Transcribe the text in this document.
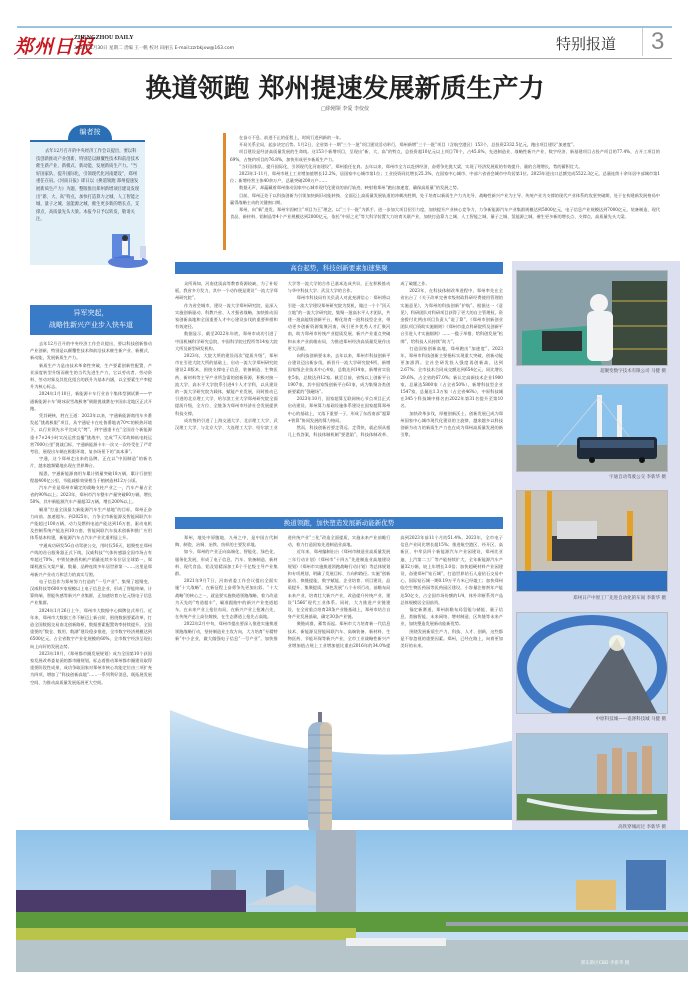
郑州日报
ZHENGZHOU DAILY
2024年1月30日 星期二 责编 王一帆 校对 田丽玉 E-mail:zzrbkjxw@163.com	特别报道	3
换道领跑 郑州提速发展新质生产力
□徐刚领 李爱 李佼佼
编者按
去年12月召开的中央经济工作会议提出，要以科技创新推动产业创新，特别是以颠覆性技术和前沿技术催生新产业、新模式、新动能，发展新质生产力。“当好国家队、提升国际化，引领现代化河南建设”，郑州重任在肩。《河南日报》即日以《换道领跑 郑州提速发展新质生产力》为题，整版推出郑州新增项目建设发现出“新、大、高”特点，加快打造算力之城、人工智能之城、量子之城、氢能源之城，催生更多新的增长点、支撑点、高质量先头大梁。本报今日予以转发，敬请关注。

在奋斗不息、前进不止的征程上，时间行进到新的一年。

开局关系全局，起步决定后势。1月2日，全省第十一期“三个一批”项目建设活动举行，郑州新增“三个一批”项目（含航空港区）153个，总投资2332.5亿元，跑出项目建设“加速度”。

项目建设是经济高质量发展的生命线。这153个新增项目，呈现出“新、大、高”的特点，总投资超10亿元以上项目70个，占45.8%，先进制造业、战略性新兴产业、数字经济、新基建项目占投产项目的77.4%，占开工项目的69%，占签约项目的76.8%，加快形成更多新质生产力。

“当好国家队、提升国际化，引领现代化河南建设”，郑州重任在肩。去年以来，郑州市全力以赴拼经济，奋勇争先挑大梁，实现了经济发展质的有效提升、量的合理增长，势的蓄积壮大。

2023年1-11月，郑州市规上工业增加值增长12.2%，居国家中心城市第1位；工业投资同比增长25.3%，在国家中心城市、中部六省省会城市中均居第1位。2023年进出口总额完成5522.3亿元，总量连续十余年居中部城市第1位；新增经营主体40余万户，总量突破200万户……

数据无声，却蕴藏着郑州推动国家中心城市现代化建设的前行轨迹，映射着郑州“跑出加速度、确保高质量”的发展之势。

目前，郑州正处于以科技创新为引领加快新旧动能转换、全面迈上高质量发展轨道的冲刺决胜期，处于培育以新质生产力为先导、战略性新兴产业为主导、传统产业为支撑的现代产业体系的攻坚突破期，处于在构建新发展格局中赢得战略主动的关键窗口期。

郑州，向“新”进发。郑州牢固树立“项目为王”理念，以“三个一批”为抓手，进一步加大项目招引力度，加快提升产业核心竞争力，力争新能源汽车产业集群规模达到5000亿元，电子信息产业规模达到7000亿元，装备制造、现代食品、新材料、铝制品等4个产业规模达到2000亿元，依托“中原之光”等大科学装置大力培育关联产业，加快打造算力之城、人工智能之城、量子之城、氢能源之城，催生更多新的增长点、支撑点，高质量先头大梁。

异军突起，
战略性新兴产业步入快车道

去年12月召开的中央经济工作会议提出，要以科技创新推动产业创新，特别是以颠覆性技术和前沿技术催生新产业、新模式、新动能，发展新质生产力。

新质生产力是由技术革命性突破、生产要素创新性配置、产业深度转型升级而催生的当代先进生产力，它以劳动者、劳动资料、劳动对象及其优化组合的跃升为基本内涵，以全要素生产率提升为核心标志。

2024年1月10日，新能源卡车行业首个集体型测试赛——宇通新能源卡车“耐冰驭雪战极寒”极限挑战赛在中国东北地区正式开跑。

凭其硬核，胜在王道：2023年以来，宇通新能源商用车多番发起“挑战极限”项目，从宇通轻卡在吐鲁番地表70℃的极热环境下，以行业领先水平完成大“烤”，到宇通重卡在“全国首个新能源重卡7×24小时实况运营直播”挑战中，完成“7天零故障低电耗运营7000公里”挑战目标，宇通新能源卡车一次又一次经受住了严苛考验，展现出车辆在极限环境、复杂场景下的“真本事”。

宇通，这个郑州走出来的品牌，正在以“中国制造”的新名片，越来越频繁地出现在世界舞台。

据悉，宇通新能源商用车累计销量突破18万辆，累计行驶里程超400亿公里，节能减排效果相当于植树造林12万公顷。

汽车产业是郑州市确定的战略支柱产业之一，汽车产量占全省的90%以上。2023年，郑州市汽车整车产量突破60万辆，增长50%，其中新能源汽车产量超32万辆，增长200%以上。

瞄准“打造全国最大新能源汽车生产基地”的目标，郑州正奋力向前、加速超车。到2025年，力争全市新能源及智能网联汽车产能超过100万辆，动力及燃料电池产能达到16万套，驱动电机及控制系统产能达到10万套，智能网联汽车技术创新和推广应用体系基本构建，新能源汽车占汽车产业比重明显上升。

宇通成功研发5G自动驾驶公交，用时仅56天，超聚变在郑州产线的首台服务器正式下线，汉威科技“气体传感器全国市场占有率超过70%，中铁装备盾构机产销量连续多年位居全球第一，郑煤机液压支架产量、数量、品种连续多年居世界第一……这里是郑州新兴产业动力和活力的真实写照。

电子信息作为郑州努力打造的“一号产业”，集聚了超聚变、汉威科技等600多家规模以上电子信息企业，形成了智能终端、计算终端、智能传感等新兴产业集群，正加速培育万亿元级电子信息产业集群。

2024年1月26日上午，郑州市大数据中心揭牌仪式举行。近年来，郑州市大数据工作不断迈上新台阶，围绕数据要素改革，打造全国数据交易南北创新路枢，数据要素配置效率持续提升，全国重要的“数仓、数用、数湖”建设稳步推进，全市数字经济规模达到6500亿元，占全省数字产业化规模的60%，全市数字经济呈现出向上向好的发展态势。

2023年10月，《郑州都市圈发展规划》成为全国第10个获国家发展改革委复函的都市圈规划，标志着推动郑州都市圈建设取得重要阶段性成果，成功争取国家对郑州市核心功能定位由三项扩充为四项，增加了“科技创新高地”……一系列利好消息，既拓展发展空间，为推动高质量发展拓展更大空间。

高台起势，科技创新要素加速集聚

众所周知，河南优质高等教育资源较缺，为了补短板，我省多方发力，其中一个动作便是建设“一流大学郑州研究院”。

作为省会城市，建设一流大学郑州研究院，是深入实施创新驱动、科教兴省、人才强省战略，加快推动国家创新高地和全国重要人才中心建设步伐的重要举措和有效途径。

数据显示，截至2022年年底，郑州市成功引进了中国机械科学研究总院、中国科学院过程所等14家大院大所及新型研发机构。

2023年，大院大所的建设再次“提质升级”，郑州市在引进大院大所的基础上，启动一流大学郑州研究院建设2.0版本，围绕支撑电子信息、装备制造、生物医药、新材料等主导产业所急需的创新资源，积极对接一流大学、高水平大学院系引进4个人才学科，以具建设的一流大学研究院为载体，赋能产业发展，同时推动已引进的北京理工大学、哈尔滨工业大学郑州研究院全面提质升级，全方位、全链条为郑州市经济社会发展提供科技支撑。

成功签约引进了上海交通大学、北京理工大学、武汉理工大学、与北京大学、大连理工大学、哈尔滨工业大学等一流大学的合作已基本达成共识，正在积极推动与华中科技大学、武汉大学的合作。

郑州市科技局有关负责人对此充满信心：郑州将以引进一流大学建设郑州研究院为契机，做过一个个“顶天立地”的一流大学研究院，集聚一批高水平人才团队，共建一批高能级创新平台，孵化培育一批科技型企业，带动更多创新资源集聚河南，吸引更多优秀人才汇聚河南，助力郑州市传统产业提质发展、新兴产业重点突破和未来产业前瞻布局，为推进郑州经济高质量发展作出更大贡献。

向科技创新要未来。去年以来，郑州市科技创新平台建设迈出新步伐，新晋升一流大学研究院4所，新增国家级企业技术中心4家，总数达到14家，新增省实验室5家，总数达到12家。截至目前，省级以上创新平台1907家，其中国家级创新平台61家，成为集聚各类创新要素的“强磁场”。

2023年10月，国家超算互联网核心节点项目正式启动建设。郑州算力基础设施体系建设在国家超算郑州中心的基础上，又落下重要一子，形成了东西南部“超算+智算”协同发展的算力格局。

然而，科技创新若要走得远、走得快，就必须从根儿上找答案，科技体制机制“要悉陷”，科技体制改革、成了破题之作。

2023年，在科技体制改革进程中，郑州率先在全省出台了《关于改革完善市级财政科研经费使用管理的实施意见》，为郑州的科技创新“护航”。根据这一《意见》，科研团队对科研项目获得了更大的自主管理权，资金拨付比例由项目负责人“说了算”，《郑州市创新创业团队项目资助实施细则》《郑州市重点科研院所及创新平台引进人才实施细则》……一揽子举措，给科创发展“松绑”，给科技人员持续“助力”。

打造国家创新高地，郑州跑出“加速度”。2023年，郑州市科技创新主要指标实现重大突破，创新动能更加澎湃。全社会研发投入强度再创新高，达到2.67%；全市技术合同成交额达到654亿元，同比增长29.6%，占全省的67.0%；新认定高新技术企业1900家，总量达5800家（占全省50%），新增科技型企业1547家，总量达1.3万家（占全省46%），中原科技城在345个科技城中排名由2022年第31名提升至第10名。

加快改革步伐，厚植创新沃土。创新发展已成为郑州国家中心城市现代化建设的主旋律，越来越多以科技创新为动力的新质生产力也在成为郑州高质量发展的新引擎。

换道领跑，加快塑造发展新动能新优势

郑州，地处中原腹地，九州之中，是中国古代制陶、制瓷、冶铜、冶铁、纺织的主要发祥地。

如今，郑州的产业正向高端化、智能化、绿色化、服务化发展，形成了电子信息、汽车、装备制造、新材料、现代食品、铝及铝精深加工6个千亿级主导产业集群。

2021年9月7日，河南省委工作会议提出全面实施“十大战略”，在新征程上奋勇争先更加出彩。“十大战略”的核心之一，就是要实施换道领跑战略，着力改造为天先的“弯道超车”，瞄准跟跑中的新兴产业变道超车，在未来产业上抢位布局，在新兴产业上抢滩占先，在传统产业上高位嫁接，在生态赛道上抢先占高地。

2022年2月中旬，郑州市提出要深入推进实施换道领跑战略行动，坚持制造业主攻方向，大力培育“专精特新”中小企业，做大做强电子信息“一号产业”，加快推进传统产业“三化”改造全面提质，实施未来产业前瞻行动，着力打造国家先进制造业高地。

近年来，郑州编制出台《郑州市制造业高质量发展三年行动计划》《郑州市“十四五”先进制造业高地建设规划》《郑州市实施换道领跑战略行动计划》等总体规划和专项规划，明确了发展目标、方向和路径。实施“创新驱动、换链提能、数字赋能、企业培育、项目建设、品质提升、集聚提质、绿色发展”八个专项行动，前瞻布局未来产业，培育壮大新兴产业，改造提升传统产业，建设“1566”现代工业体系。同时，大力推进产业链建设，在全省重点培育28条产业链基础上，郑州市结合自身产业发展基础，确定30条产业链。

聚链成群，蓄势而起。郑州市大力培育新一代信息技术、新能源及智能网联汽车、高端装备、新材料、生物医药、节能环保等新兴产业，全市工业战略性新兴产业增加值占规上工业增加值比重由2016年的34.0%提高到2023年前11个月的51.4%。2023年，全市电子信息产业同比增长超15%；推进航空港区、经开区、高新区、中牟县四个新能源汽车产业园建设，郑州比亚迪、上汽第二工厂等产能持续扩大，全年新能源汽车产量32万辆，较上年增长3.0倍；加快超硬材料产业园建设，奋建郑州“钻石城”，打造世界钻石人造钻石交易中心，国际钻石城一期0.19万平方米已经竣工；加快郑州临空生物医药园等医药园区建设，小容量注射剂年产能达50亿支，占全国市场份额的1/4，体外诊断系列产品总体规模居全国前列。

锚定新赛道，郑州前瞻布局氢能与储能、量子信息、类脑智能、未来网络、增材制造、区块链等未来产业，加快塑造发展新动能新优势。

围绕发展新质生产力，科技、人才、创新，这些都是不容忽视的重要因素。郑州，已经在路上，向着更加美好的未来。

超聚变数字技术有限公司 马健 摄
宇通自动驾驶公交 李新华 摄
郑州日产中原工厂先进自动化的车间 李新华 摄
中原科技城——追涤科技城 马健 摄
高铁穿城而过 李新华 摄
郑东新区CBD 李新华 摄
